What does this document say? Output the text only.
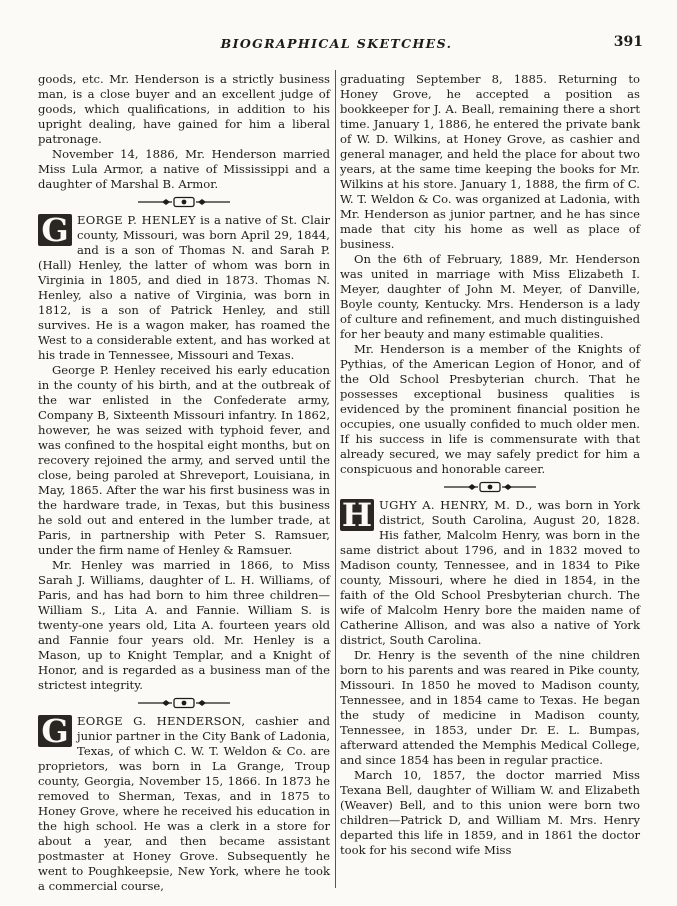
BIOGRAPHICAL SKETCHES.	391

goods, etc. Mr. Henderson is a strictly business man, is a close buyer and an excellent judge of goods, which qualifications, in addition to his upright dealing, have gained for him a liberal patronage.

November 14, 1886, Mr. Henderson married Miss Lula Armor, a native of Mississippi and a daughter of Marshal B. Armor.

G EORGE P. HENLEY is a native of St. Clair county, Missouri, was born April 29, 1844, and is a son of Thomas N. and Sarah P. (Hall) Henley, the latter of whom was born in Virginia in 1805, and died in 1873. Thomas N. Henley, also a native of Virginia, was born in 1812, is a son of Patrick Henley, and still survives. He is a wagon maker, has roamed the West to a considerable extent, and has worked at his trade in Tennessee, Missouri and Texas.

George P. Henley received his early education in the county of his birth, and at the outbreak of the war enlisted in the Confederate army, Company B, Sixteenth Missouri infantry. In 1862, however, he was seized with typhoid fever, and was confined to the hospital eight months, but on recovery rejoined the army, and served until the close, being paroled at Shreveport, Louisiana, in May, 1865. After the war his first business was in the hardware trade, in Texas, but this business he sold out and entered in the lumber trade, at Paris, in partnership with Peter S. Ramsuer, under the firm name of Henley & Ramsuer.

Mr. Henley was married in 1866, to Miss Sarah J. Williams, daughter of L. H. Williams, of Paris, and has had born to him three children—William S., Lita A. and Fannie. William S. is twenty-one years old, Lita A. fourteen years old and Fannie four years old. Mr. Henley is a Mason, up to Knight Templar, and a Knight of Honor, and is regarded as a business man of the strictest integrity.

G EORGE G. HENDERSON, cashier and junior partner in the City Bank of Ladonia, Texas, of which C. W. T. Weldon & Co. are proprietors, was born in La Grange, Troup county, Georgia, November 15, 1866. In 1873 he removed to Sherman, Texas, and in 1875 to Honey Grove, where he received his education in the high school. He was a clerk in a store for about a year, and then became assistant postmaster at Honey Grove. Subsequently he went to Poughkeepsie, New York, where he took a commercial course,

graduating September 8, 1885. Returning to Honey Grove, he accepted a position as bookkeeper for J. A. Beall, remaining there a short time. January 1, 1886, he entered the private bank of W. D. Wilkins, at Honey Grove, as cashier and general manager, and held the place for about two years, at the same time keeping the books for Mr. Wilkins at his store. January 1, 1888, the firm of C. W. T. Weldon & Co. was organized at Ladonia, with Mr. Henderson as junior partner, and he has since made that city his home as well as place of business.

On the 6th of February, 1889, Mr. Henderson was united in marriage with Miss Elizabeth I. Meyer, daughter of John M. Meyer, of Danville, Boyle county, Kentucky. Mrs. Henderson is a lady of culture and refinement, and much distinguished for her beauty and many estimable qualities.

Mr. Henderson is a member of the Knights of Pythias, of the American Legion of Honor, and of the Old School Presbyterian church. That he possesses exceptional business qualities is evidenced by the prominent financial position he occupies, one usually confided to much older men. If his success in life is commensurate with that already secured, we may safely predict for him a conspicuous and honorable career.

H UGHY A. HENRY, M. D., was born in York district, South Carolina, August 20, 1828. His father, Malcolm Henry, was born in the same district about 1796, and in 1832 moved to Madison county, Tennessee, and in 1834 to Pike county, Missouri, where he died in 1854, in the faith of the Old School Presbyterian church. The wife of Malcolm Henry bore the maiden name of Catherine Allison, and was also a native of York district, South Carolina.

Dr. Henry is the seventh of the nine children born to his parents and was reared in Pike county, Missouri. In 1850 he moved to Madison county, Tennessee, and in 1854 came to Texas. He began the study of medicine in Madison county, Tennessee, in 1853, under Dr. E. L. Bumpas, afterward attended the Memphis Medical College, and since 1854 has been in regular practice.

March 10, 1857, the doctor married Miss Texana Bell, daughter of William W. and Elizabeth (Weaver) Bell, and to this union were born two children—Patrick D, and William M. Mrs. Henry departed this life in 1859, and in 1861 the doctor took for his second wife Miss
